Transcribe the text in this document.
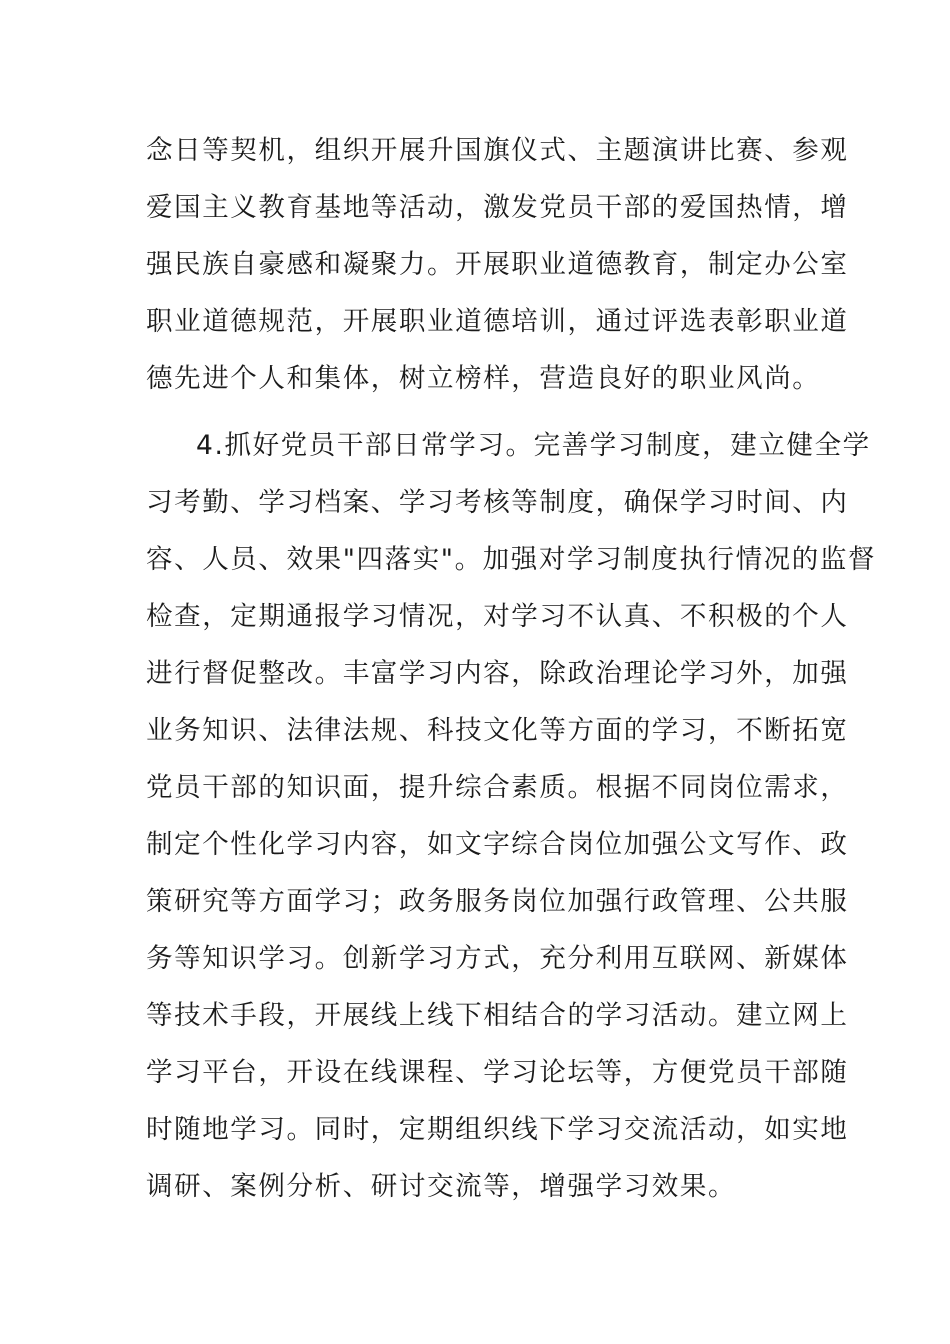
念日等契机，组织开展升国旗仪式、主题演讲比赛、参观
爱国主义教育基地等活动，激发党员干部的爱国热情，增
强民族自豪感和凝聚力。开展职业道德教育，制定办公室
职业道德规范，开展职业道德培训，通过评选表彰职业道
德先进个人和集体，树立榜样，营造良好的职业风尚。
4.抓好党员干部日常学习。完善学习制度，建立健全学
习考勤、学习档案、学习考核等制度，确保学习时间、内
容、人员、效果"四落实"。加强对学习制度执行情况的监督
检查，定期通报学习情况，对学习不认真、不积极的个人
进行督促整改。丰富学习内容，除政治理论学习外，加强
业务知识、法律法规、科技文化等方面的学习，不断拓宽
党员干部的知识面，提升综合素质。根据不同岗位需求，
制定个性化学习内容，如文字综合岗位加强公文写作、政
策研究等方面学习；政务服务岗位加强行政管理、公共服
务等知识学习。创新学习方式，充分利用互联网、新媒体
等技术手段，开展线上线下相结合的学习活动。建立网上
学习平台，开设在线课程、学习论坛等，方便党员干部随
时随地学习。同时，定期组织线下学习交流活动，如实地
调研、案例分析、研讨交流等，增强学习效果。
